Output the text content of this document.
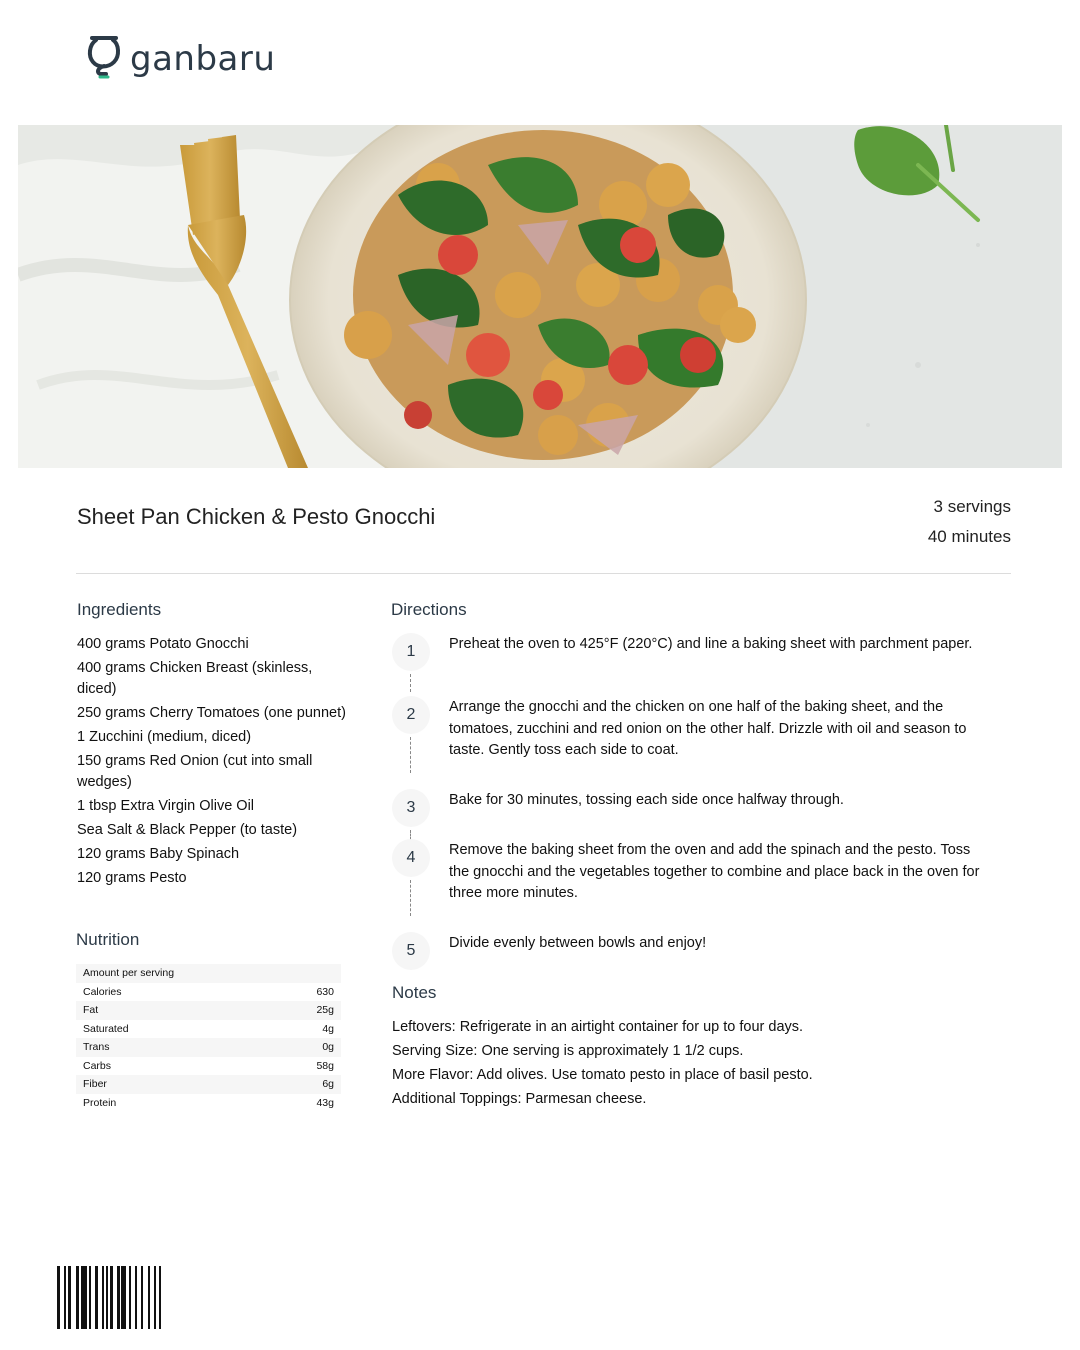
ganbaru
Sheet Pan Chicken & Pesto Gnocchi	3 servings
40 minutes
Ingredients
400 grams Potato Gnocchi
400 grams Chicken Breast (skinless, diced)
250 grams Cherry Tomatoes (one punnet)
1 Zucchini (medium, diced)
150 grams Red Onion (cut into small wedges)
1 tbsp Extra Virgin Olive Oil
Sea Salt & Black Pepper (to taste)
120 grams Baby Spinach
120 grams Pesto
Nutrition
Amount per serving
Calories	630
Fat	25g
Saturated	4g
Trans	0g
Carbs	58g
Fiber	6g
Protein	43g
Directions
1	Preheat the oven to 425°F (220°C) and line a baking sheet with parchment paper.
2	Arrange the gnocchi and the chicken on one half of the baking sheet, and the tomatoes, zucchini and red onion on the other half. Drizzle with oil and season to taste. Gently toss each side to coat.
3	Bake for 30 minutes, tossing each side once halfway through.
4	Remove the baking sheet from the oven and add the spinach and the pesto. Toss the gnocchi and the vegetables together to combine and place back in the oven for three more minutes.
5	Divide evenly between bowls and enjoy!
Notes
Leftovers: Refrigerate in an airtight container for up to four days.
Serving Size: One serving is approximately 1 1/2 cups.
More Flavor: Add olives. Use tomato pesto in place of basil pesto.
Additional Toppings: Parmesan cheese.
